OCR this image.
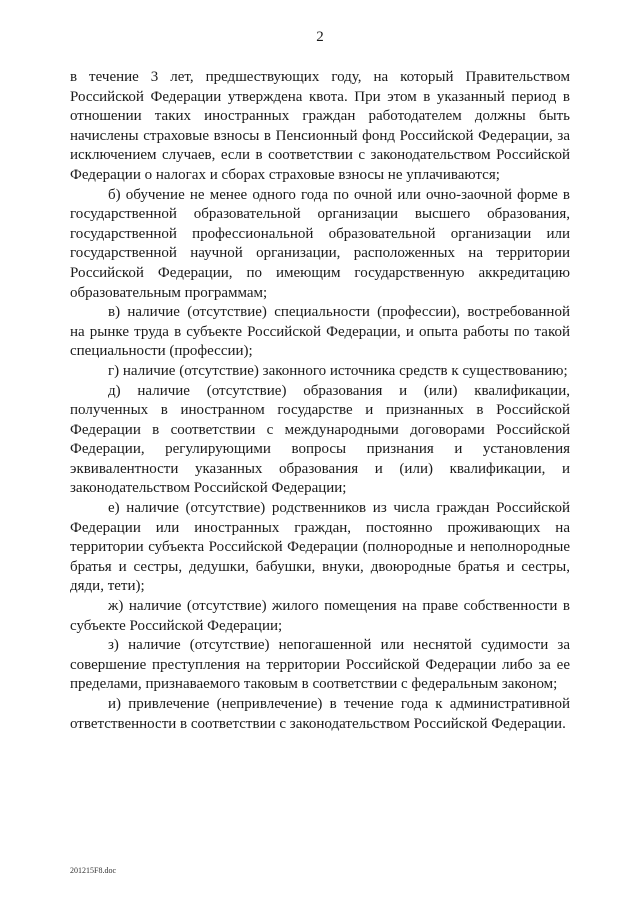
2

в течение 3 лет, предшествующих году, на который Правительством Российской Федерации утверждена квота. При этом в указанный период в отношении таких иностранных граждан работодателем должны быть начислены страховые взносы в Пенсионный фонд Российской Федерации, за исключением случаев, если в соответствии с законодательством Российской Федерации о налогах и сборах страховые взносы не уплачиваются;

б) обучение не менее одного года по очной или очно-заочной форме в государственной образовательной организации высшего образования, государственной профессиональной образовательной организации или государственной научной организации, расположенных на территории Российской Федерации, по имеющим государственную аккредитацию образовательным программам;

в) наличие (отсутствие) специальности (профессии), востребованной на рынке труда в субъекте Российской Федерации, и опыта работы по такой специальности (профессии);

г) наличие (отсутствие) законного источника средств к существованию;

д) наличие (отсутствие) образования и (или) квалификации, полученных в иностранном государстве и признанных в Российской Федерации в соответствии с международными договорами Российской Федерации, регулирующими вопросы признания и установления эквивалентности указанных образования и (или) квалификации, и законодательством Российской Федерации;

е) наличие (отсутствие) родственников из числа граждан Российской Федерации или иностранных граждан, постоянно проживающих на территории субъекта Российской Федерации (полнородные и неполнородные братья и сестры, дедушки, бабушки, внуки, двоюродные братья и сестры, дяди, тети);

ж) наличие (отсутствие) жилого помещения на праве собственности в субъекте Российской Федерации;

з) наличие (отсутствие) непогашенной или неснятой судимости за совершение преступления на территории Российской Федерации либо за ее пределами, признаваемого таковым в соответствии с федеральным законом;

и) привлечение (непривлечение) в течение года к административной ответственности в соответствии с законодательством Российской Федерации.

201215F8.doc
